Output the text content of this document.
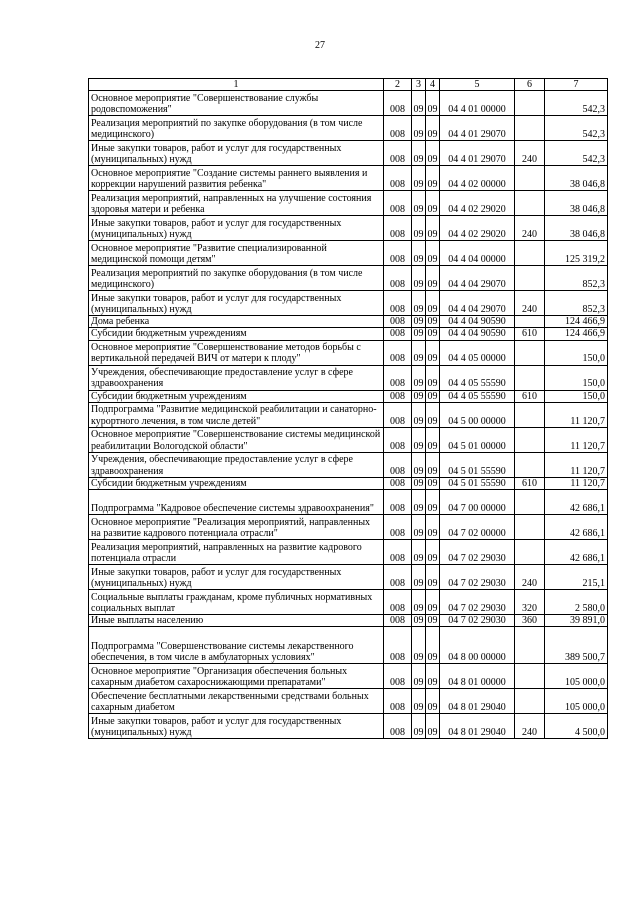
27
1	2	3	4	5	6	7
Основное мероприятие "Совершенствование службы родовспоможения"	008	09	09	04 4 01 00000		542,3
Реализация мероприятий по закупке оборудования (в том числе медицинского)	008	09	09	04 4 01 29070		542,3
Иные закупки товаров, работ и услуг для государственных (муниципальных) нужд	008	09	09	04 4 01 29070	240	542,3
Основное мероприятие "Создание системы раннего выявления и коррекции нарушений развития ребенка"	008	09	09	04 4 02 00000		38 046,8
Реализация мероприятий, направленных на улучшение состояния здоровья матери и ребенка	008	09	09	04 4 02 29020		38 046,8
Иные закупки товаров, работ и услуг для государственных (муниципальных) нужд	008	09	09	04 4 02 29020	240	38 046,8
Основное мероприятие "Развитие специализированной медицинской помощи детям"	008	09	09	04 4 04 00000		125 319,2
Реализация мероприятий по закупке оборудования (в том числе медицинского)	008	09	09	04 4 04 29070		852,3
Иные закупки товаров, работ и услуг для государственных (муниципальных) нужд	008	09	09	04 4 04 29070	240	852,3
Дома ребенка	008	09	09	04 4 04 90590		124 466,9
Субсидии бюджетным учреждениям	008	09	09	04 4 04 90590	610	124 466,9
Основное мероприятие "Совершенствование методов борьбы с вертикальной передачей ВИЧ от матери к плоду"	008	09	09	04 4 05 00000		150,0
Учреждения, обеспечивающие предоставление услуг в сфере здравоохранения	008	09	09	04 4 05 55590		150,0
Субсидии бюджетным учреждениям	008	09	09	04 4 05 55590	610	150,0
Подпрограмма "Развитие медицинской реабилитации и санаторно-курортного лечения, в том числе детей"	008	09	09	04 5 00 00000		11 120,7
Основное мероприятие "Совершенствование системы медицинской реабилитации Вологодской области"	008	09	09	04 5 01 00000		11 120,7
Учреждения, обеспечивающие предоставление услуг в сфере здравоохранения	008	09	09	04 5 01 55590		11 120,7
Субсидии бюджетным учреждениям	008	09	09	04 5 01 55590	610	11 120,7
Подпрограмма "Кадровое обеспечение системы здравоохранения"	008	09	09	04 7 00 00000		42 686,1
Основное мероприятие "Реализация мероприятий, направленных на развитие кадрового потенциала отрасли"	008	09	09	04 7 02 00000		42 686,1
Реализация мероприятий, направленных на развитие кадрового потенциала отрасли	008	09	09	04 7 02 29030		42 686,1
Иные закупки товаров, работ и услуг для государственных (муниципальных) нужд	008	09	09	04 7 02 29030	240	215,1
Социальные выплаты гражданам, кроме публичных нормативных социальных выплат	008	09	09	04 7 02 29030	320	2 580,0
Иные выплаты населению	008	09	09	04 7 02 29030	360	39 891,0
Подпрограмма "Совершенствование системы лекарственного обеспечения, в том числе в амбулаторных условиях"	008	09	09	04 8 00 00000		389 500,7
Основное мероприятие "Организация обеспечения больных сахарным диабетом сахароснижающими препаратами"	008	09	09	04 8 01 00000		105 000,0
Обеспечение бесплатными лекарственными средствами больных сахарным диабетом	008	09	09	04 8 01 29040		105 000,0
Иные закупки товаров, работ и услуг для государственных (муниципальных) нужд	008	09	09	04 8 01 29040	240	4 500,0
